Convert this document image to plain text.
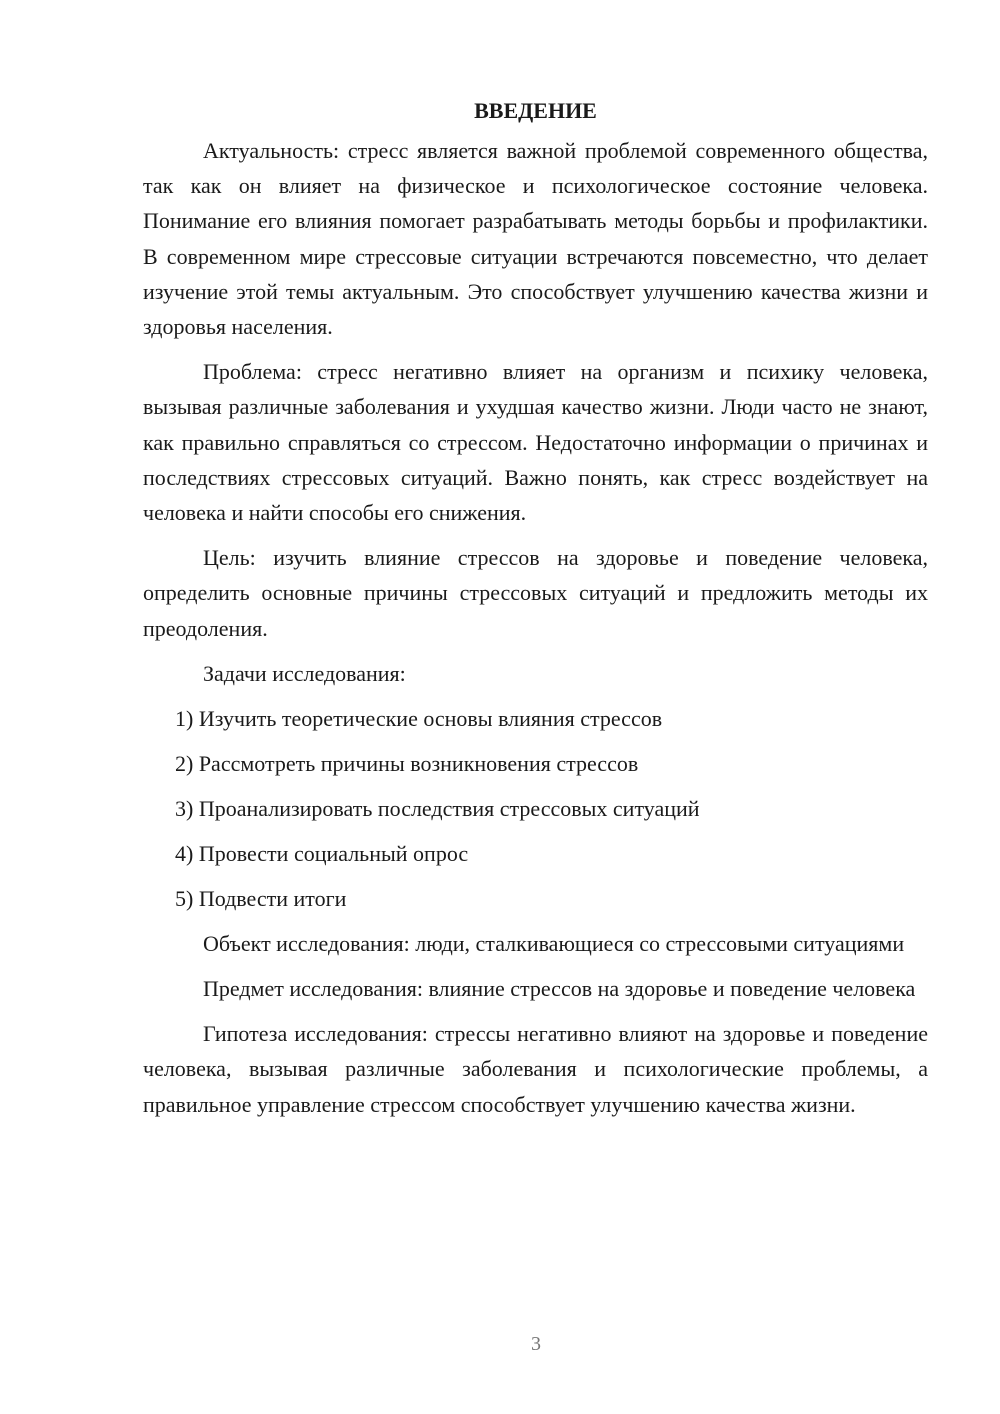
ВВЕДЕНИЕ

Актуальность: стресс является важной проблемой современного общества, так как он влияет на физическое и психологическое состояние человека. Понимание его влияния помогает разрабатывать методы борьбы и профилактики. В современном мире стрессовые ситуации встречаются повсеместно, что делает изучение этой темы актуальным. Это способствует улучшению качества жизни и здоровья населения.

Проблема: стресс негативно влияет на организм и психику человека, вызывая различные заболевания и ухудшая качество жизни. Люди часто не знают, как правильно справляться со стрессом. Недостаточно информации о причинах и последствиях стрессовых ситуаций. Важно понять, как стресс воздействует на человека и найти способы его снижения.

Цель: изучить влияние стрессов на здоровье и поведение человека, определить основные причины стрессовых ситуаций и предложить методы их преодоления.

Задачи исследования:

1) Изучить теоретические основы влияния стрессов
2) Рассмотреть причины возникновения стрессов
3) Проанализировать последствия стрессовых ситуаций
4) Провести социальный опрос
5) Подвести итоги

Объект исследования: люди, сталкивающиеся со стрессовыми ситуациями

Предмет исследования: влияние стрессов на здоровье и поведение человека

Гипотеза исследования: стрессы негативно влияют на здоровье и поведение человека, вызывая различные заболевания и психологические проблемы, а правильное управление стрессом способствует улучшению качества жизни.

3
